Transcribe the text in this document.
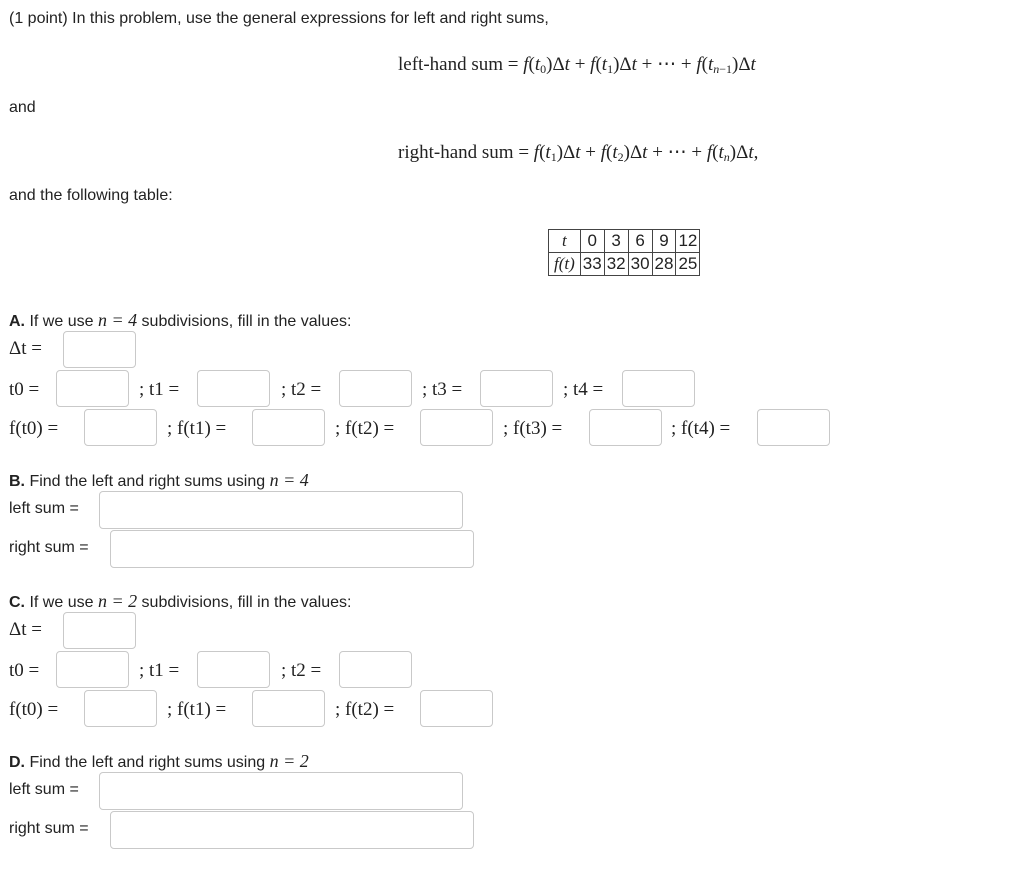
(1 point) In this problem, use the general expressions for left and right sums,
left-hand sum = $f(t_0)\Delta t + f(t_1)\Delta t$ + ⋯ + $f(t_{n-1})\Delta t$
and
right-hand sum = $f(t_1)\Delta t + f(t_2)\Delta t$ + ⋯ + $f(t_n)\Delta t$,
and the following table:
t	0	3	6	9	12
f(t)	33	32	30	28	25
A. If we use n = 4 subdivisions, fill in the values:
Δt =
t0 =	; t1 =	; t2 =	; t3 =	; t4 =
f(t0) =	; f(t1) =	; f(t2) =	; f(t3) =	; f(t4) =
B. Find the left and right sums using n = 4
left sum =
right sum =
C. If we use n = 2 subdivisions, fill in the values:
Δt =
t0 =	; t1 =	; t2 =
f(t0) =	; f(t1) =	; f(t2) =
D. Find the left and right sums using n = 2
left sum =
right sum =
